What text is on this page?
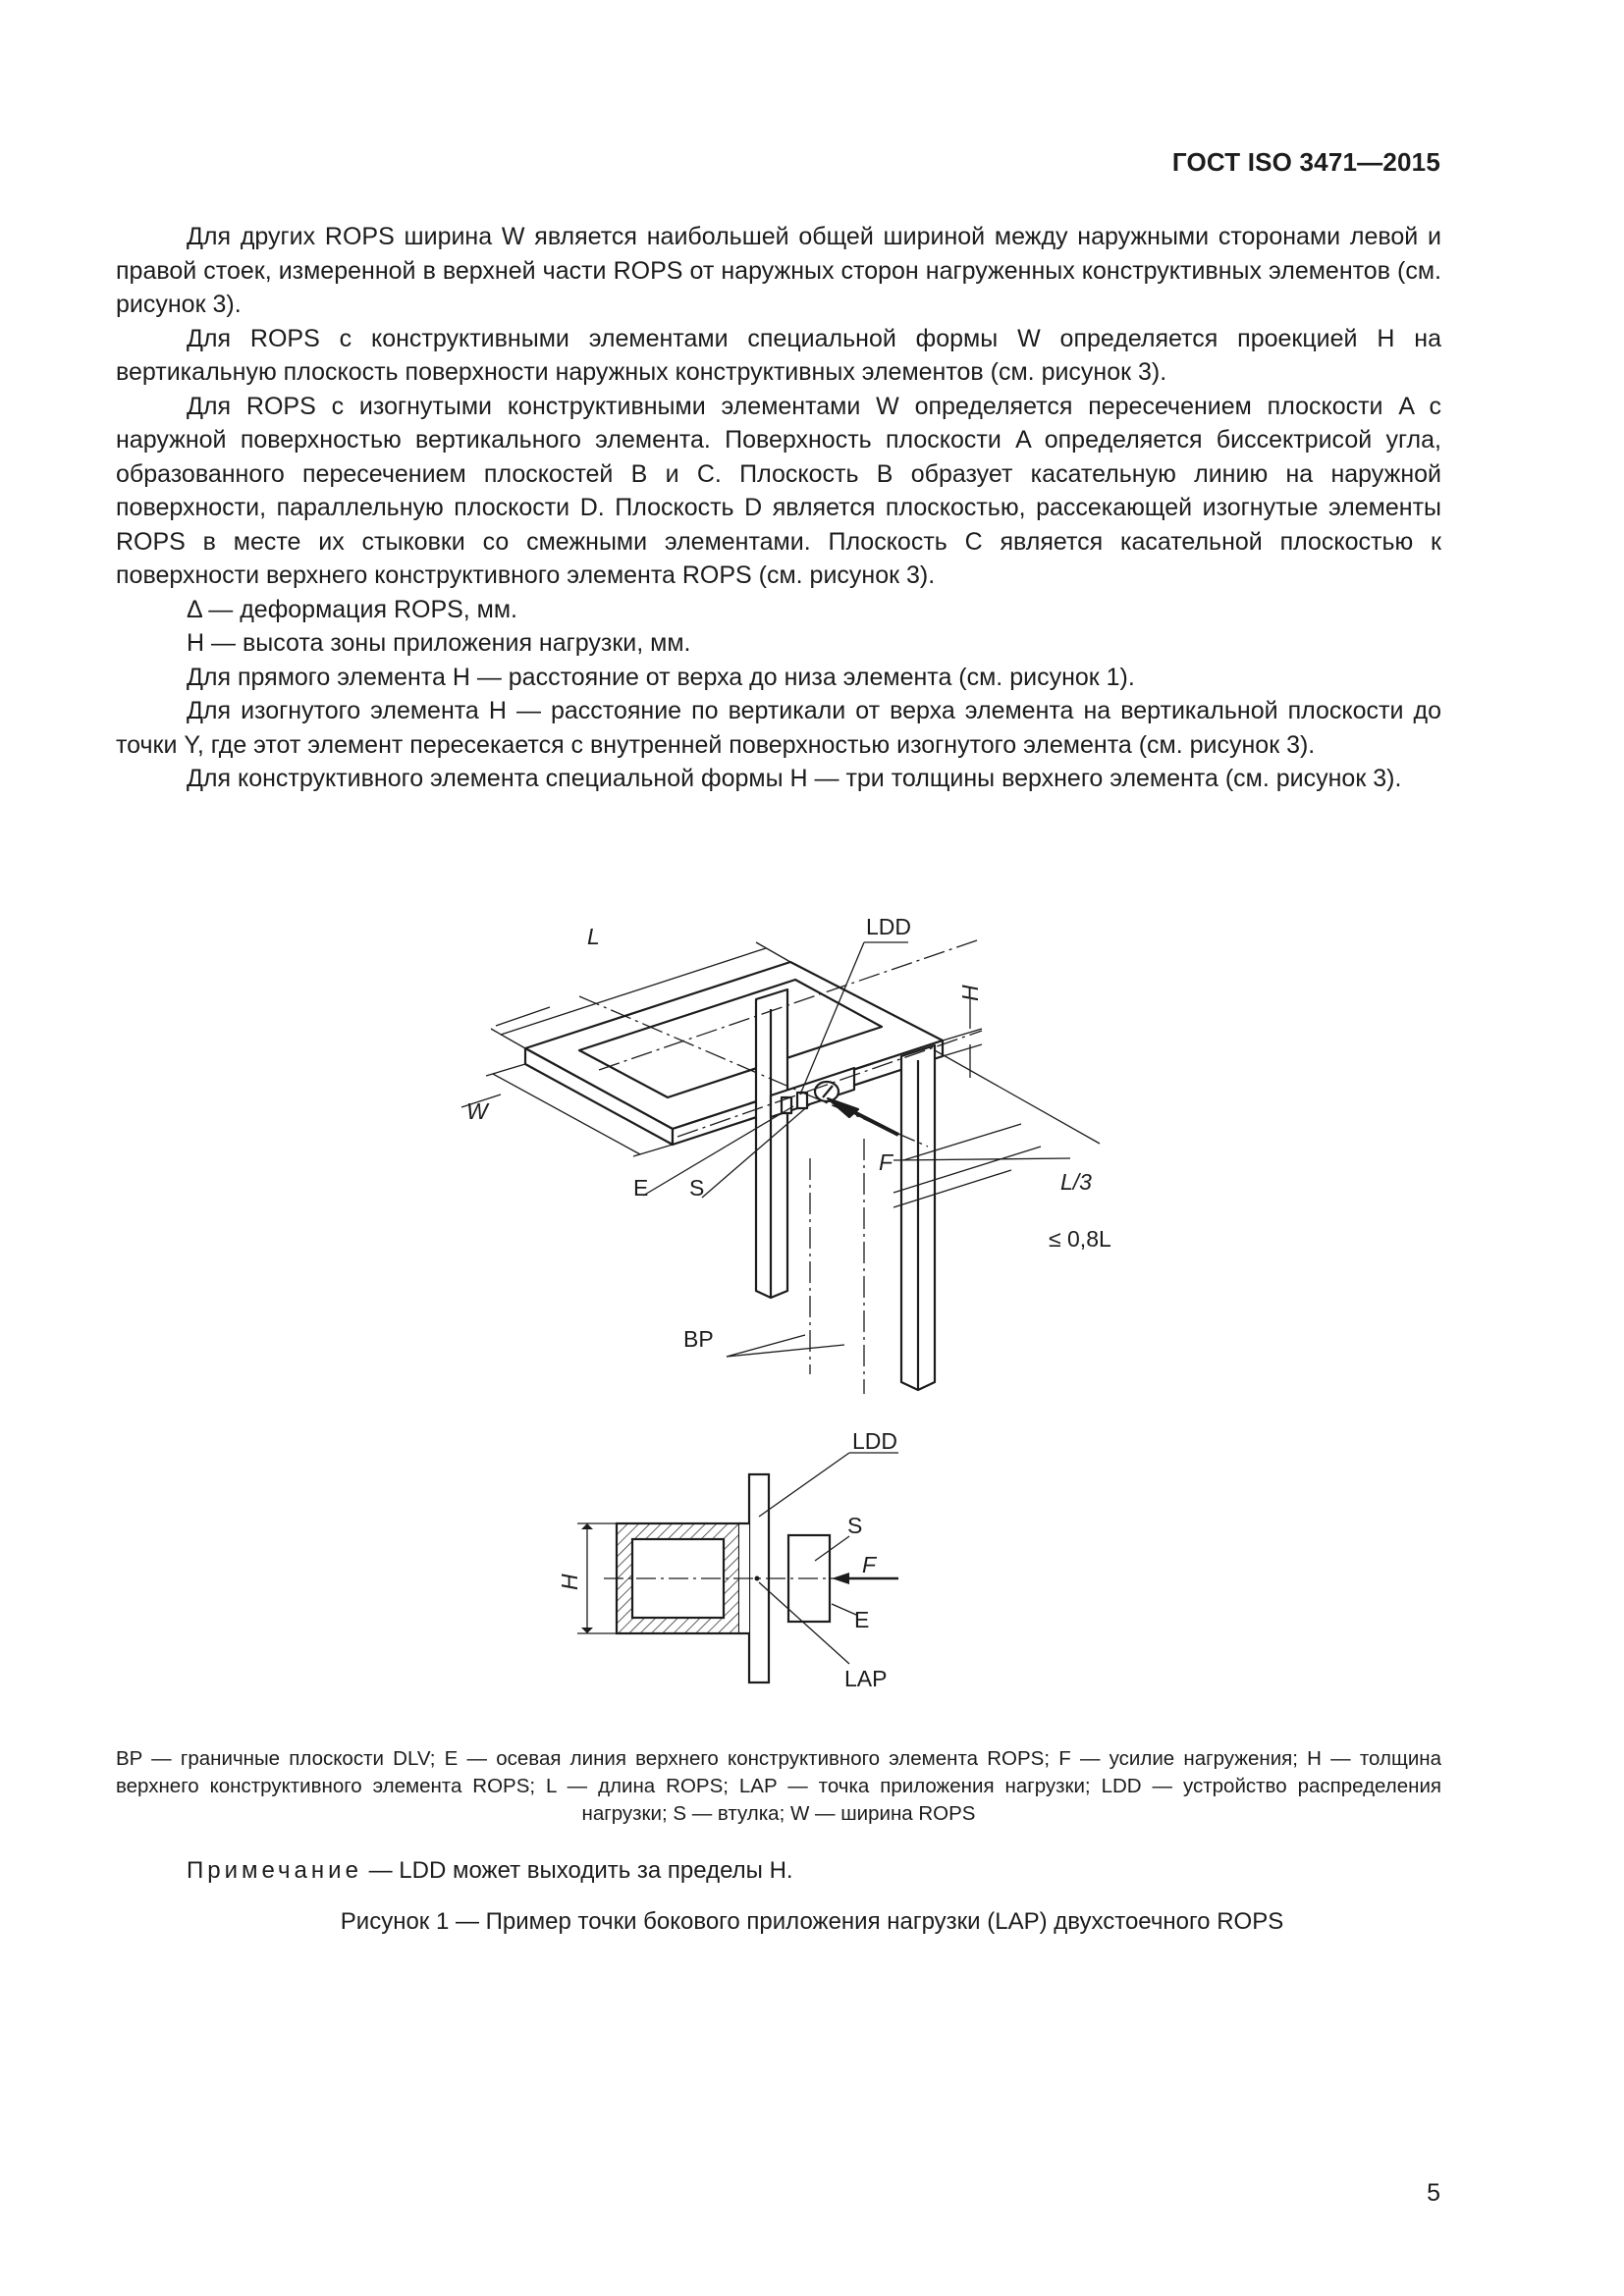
ГОСТ ISO 3471—2015

Для других ROPS ширина W является наибольшей общей шириной между наружными сторонами левой и правой стоек, измеренной в верхней части ROPS от наружных сторон нагруженных конструктивных элементов (см. рисунок 3).

Для ROPS с конструктивными элементами специальной формы W определяется проекцией H на вертикальную плоскость поверхности наружных конструктивных элементов (см. рисунок 3).

Для ROPS с изогнутыми конструктивными элементами W определяется пересечением плоскости A с наружной поверхностью вертикального элемента. Поверхность плоскости A определяется биссектрисой угла, образованного пересечением плоскостей B и C. Плоскость B образует касательную линию на наружной поверхности, параллельную плоскости D. Плоскость D является плоскостью, рассекающей изогнутые элементы ROPS в месте их стыковки со смежными элементами. Плоскость C является касательной плоскостью к поверхности верхнего конструктивного элемента ROPS (см. рисунок 3).

Δ — деформация ROPS, мм.

H — высота зоны приложения нагрузки, мм.

Для прямого элемента H — расстояние от верха до низа элемента (см. рисунок 1).

Для изогнутого элемента H — расстояние по вертикали от верха элемента на вертикальной плоскости до точки Y, где этот элемент пересекается с внутренней поверхностью изогнутого элемента (см. рисунок 3).

Для конструктивного элемента специальной формы H — три толщины верхнего элемента (см. рисунок 3).

L	LDD
H
W
F
E S	L/3
≤ 0,8L
BP
LDD
S
F
E
LAP
H
BP — граничные плоскости DLV; E — осевая линия верхнего конструктивного элемента ROPS; F — усилие нагружения; H — толщина верхнего конструктивного элемента ROPS; L — длина ROPS; LAP — точка приложения нагрузки; LDD — устройство распределения нагрузки; S — втулка; W — ширина ROPS
Примечание — LDD может выходить за пределы H.
Рисунок 1 — Пример точки бокового приложения нагрузки (LAP) двухстоечного ROPS
5
